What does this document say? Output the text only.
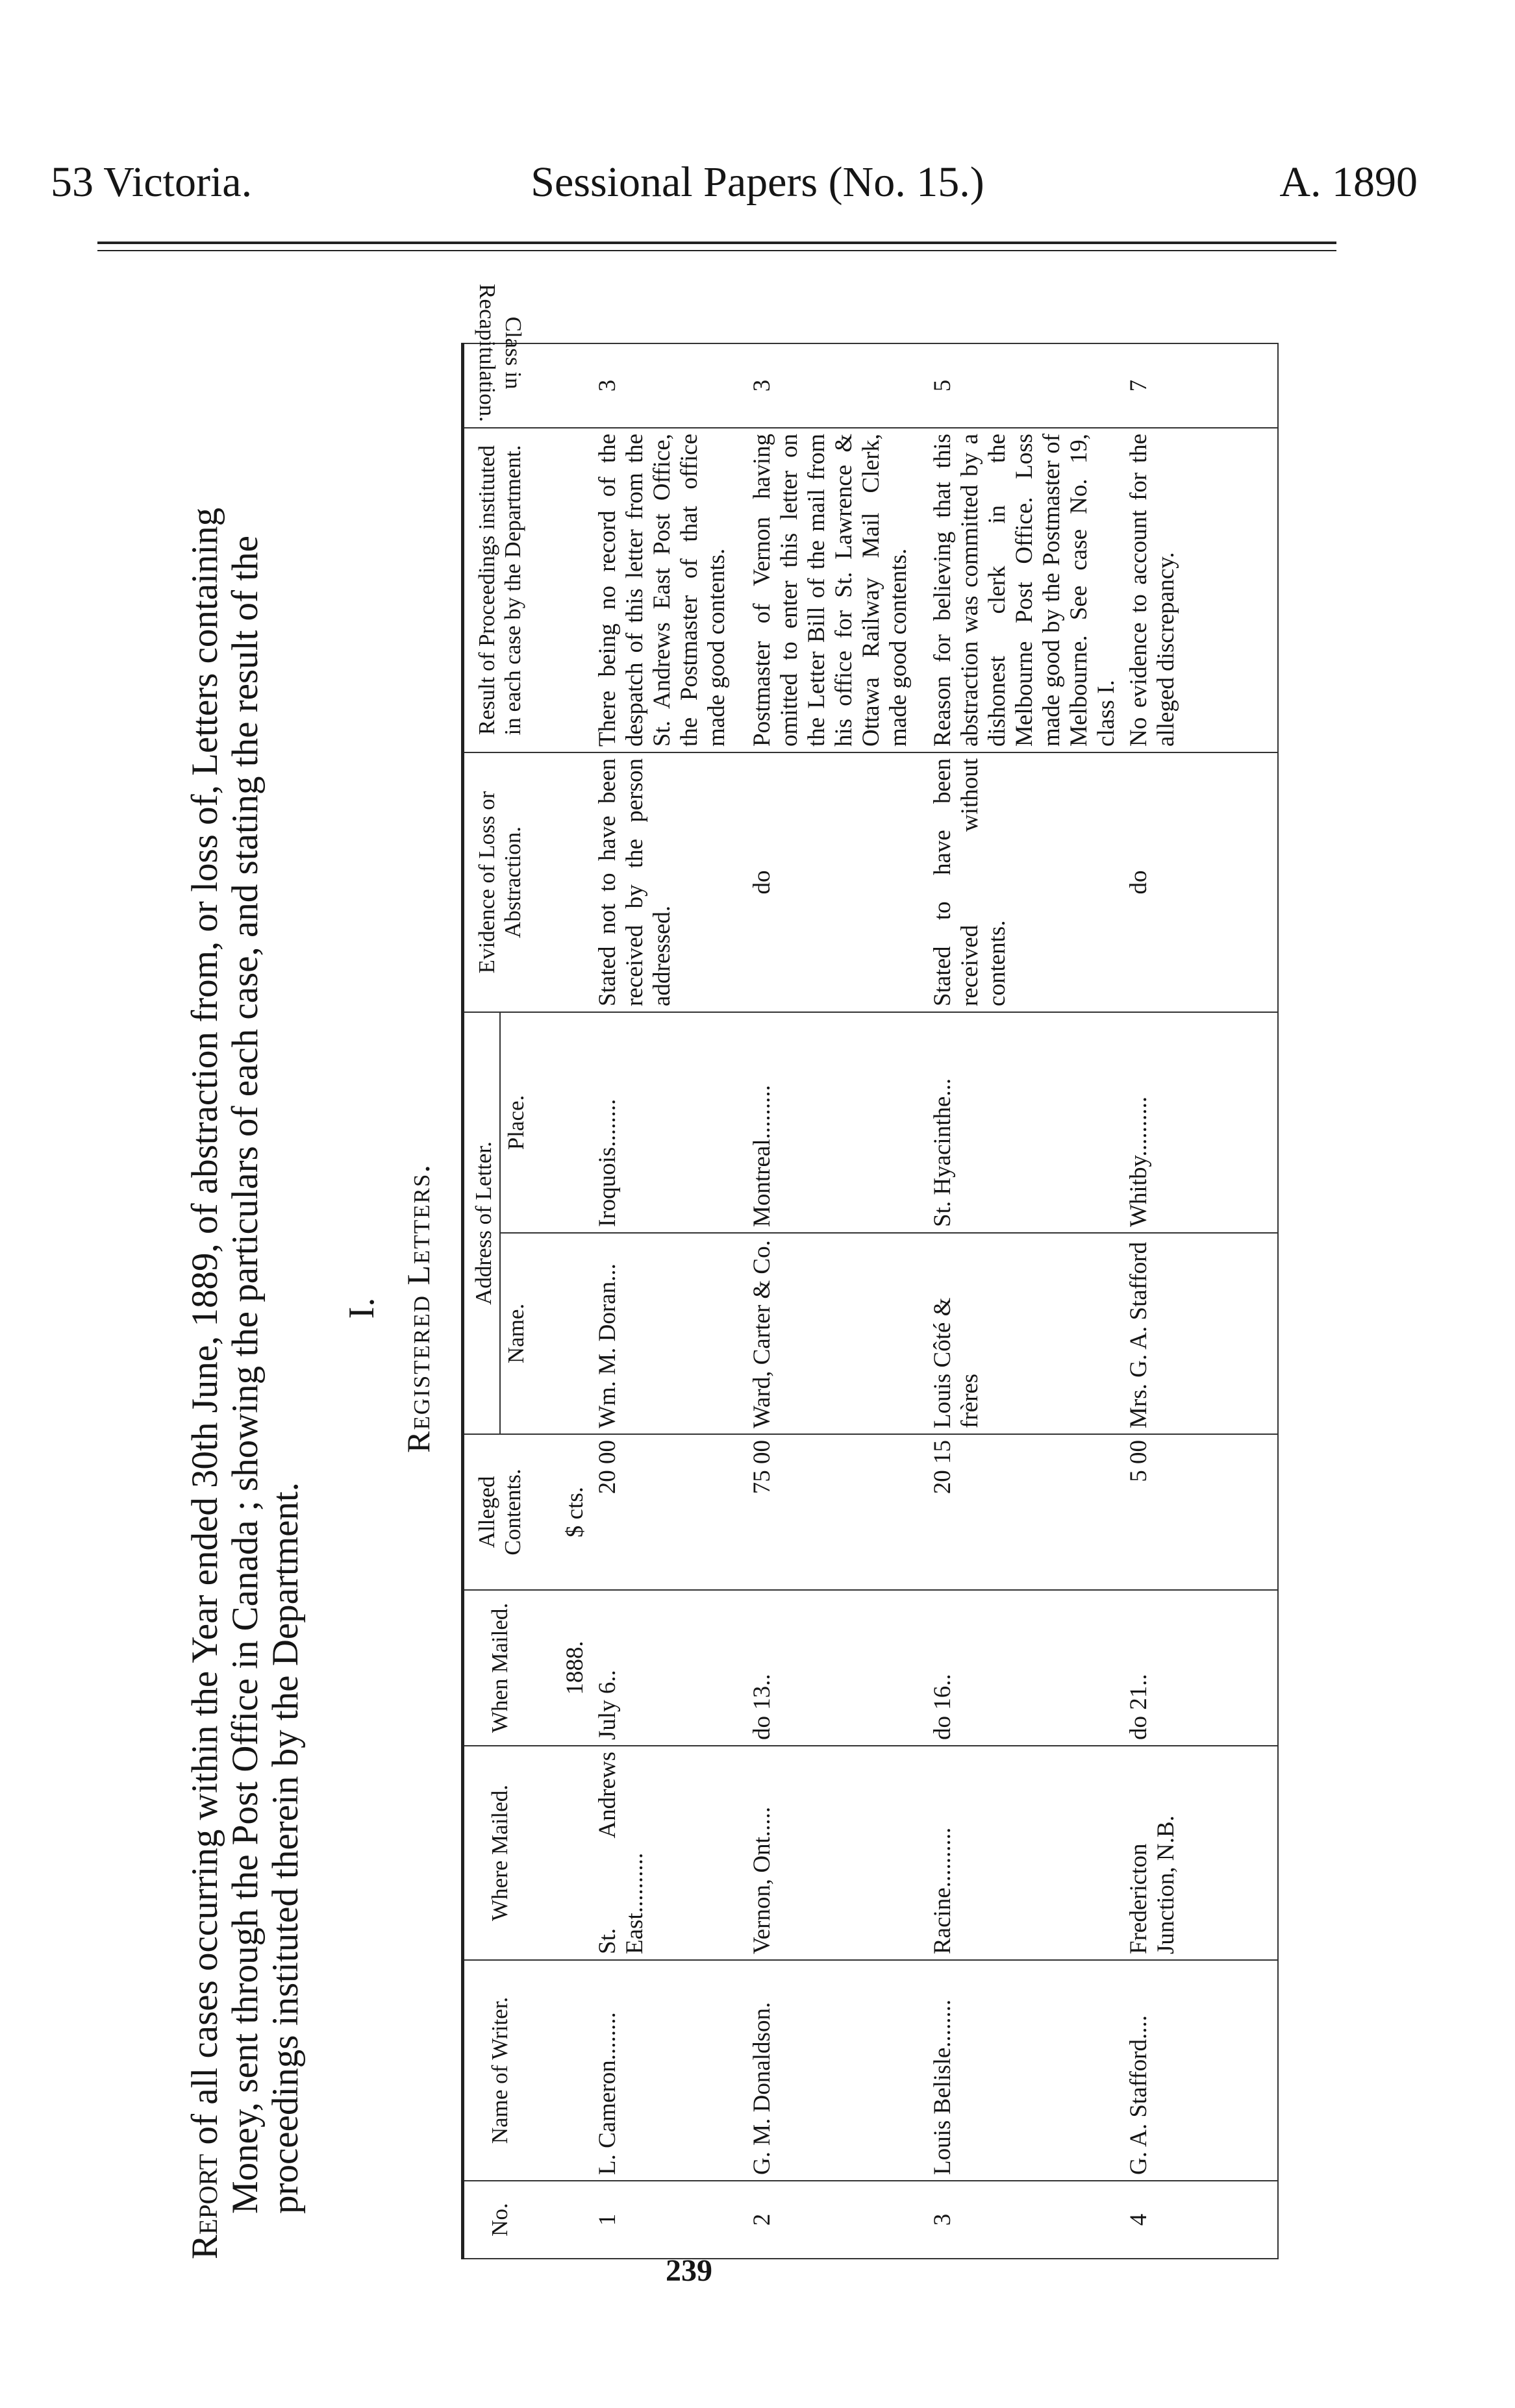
53 Victoria.	Sessional Papers (No. 15.)	A. 1890

Report of all cases occurring within the Year ended 30th June, 1889, of abstraction from, or loss of, Letters containing Money, sent through the Post Office in Canada ; showing the particulars of each case, and stating the result of the proceedings instituted therein by the Department.

I. Registered Letters.
No.	Name of Writer.	Where Mailed.	When Mailed.	Alleged Contents.	Address of Letter.		Evidence of Loss or Abstraction.	Result of Proceedings instituted in each case by the Department.	Class in Recapitulation.
					Name.	Place.			
			1888.	$ cts.					
1	L. Cameron........	St. Andrews East..........	July 6..	20 00	Wm. M. Doran...	Iroquois........	Stated not to have been received by the person addressed.	There being no record of the despatch of this letter from the St. Andrews East Post Office, the Postmaster of that office made good contents.	3
2	G. M. Donaldson.	Vernon, Ont.....	do 13..	75 00	Ward, Carter & Co.	Montreal.........	do	Postmaster of Vernon having omitted to enter this letter on the Letter Bill of the mail from his office for St. Lawrence & Ottawa Railway Mail Clerk, made good contents.	3
3	Louis Belisle........	Racine..........	do 16..	20 15	Louis Côté & frères	St. Hyacinthe...	Stated to have been received without contents.	Reason for believing that this abstraction was committed by a dishonest clerk in the Melbourne Post Office. Loss made good by the Postmaster of Melbourne. See case No. 19, class I.	5
4	G. A. Stafford....	Fredericton Junction, N.B.	do 21..	5 00	Mrs. G. A. Stafford	Whitby..........	do	No evidence to account for the alleged discrepancy.	7
239
